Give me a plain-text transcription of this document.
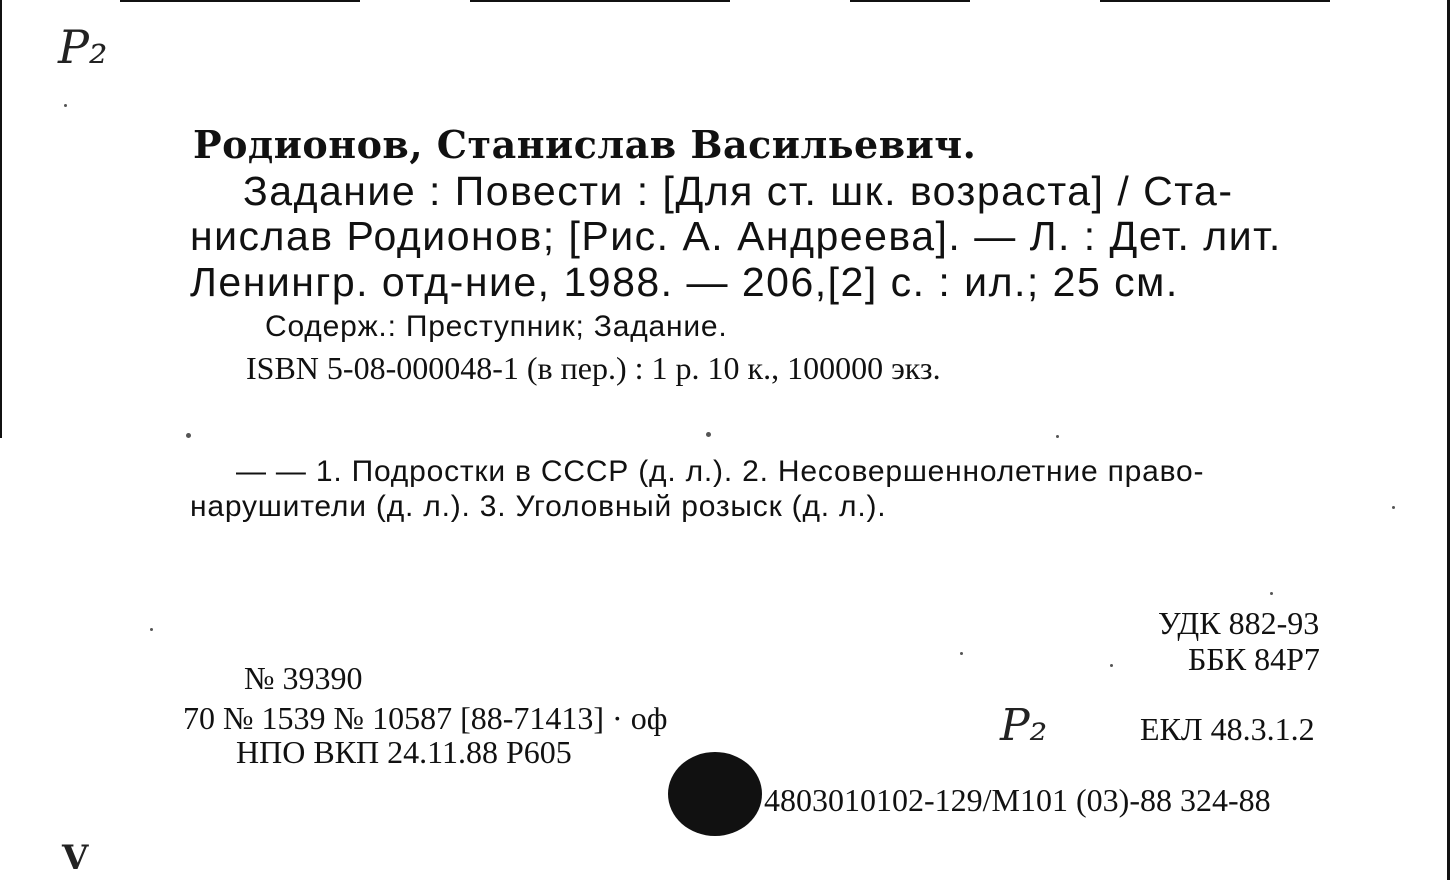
P₂
V
P₂
Родионов, Станислав Васильевич.
Задание : Повести : [Для ст. шк. возраста] / Ста-
нислав Родионов; [Рис. А. Андреева]. — Л. : Дет. лит.
Ленингр. отд-ние, 1988. — 206,[2] с. : ил.; 25 см.
Содерж.: Преступник; Задание.
ISBN 5-08-000048-1 (в пер.) : 1 р. 10 к., 100000 экз.
— — 1. Подростки в СССР (д. л.). 2. Несовершеннолетние право-
нарушители (д. л.). 3. Уголовный розыск (д. л.).
УДК 882-93
ББК 84Р7
ЕКЛ 48.3.1.2
№ 39390
70 № 1539 № 10587 [88-71413] · оф
НПО ВКП 24.11.88 Р605
4803010102-129/М101 (03)-88 324-88
